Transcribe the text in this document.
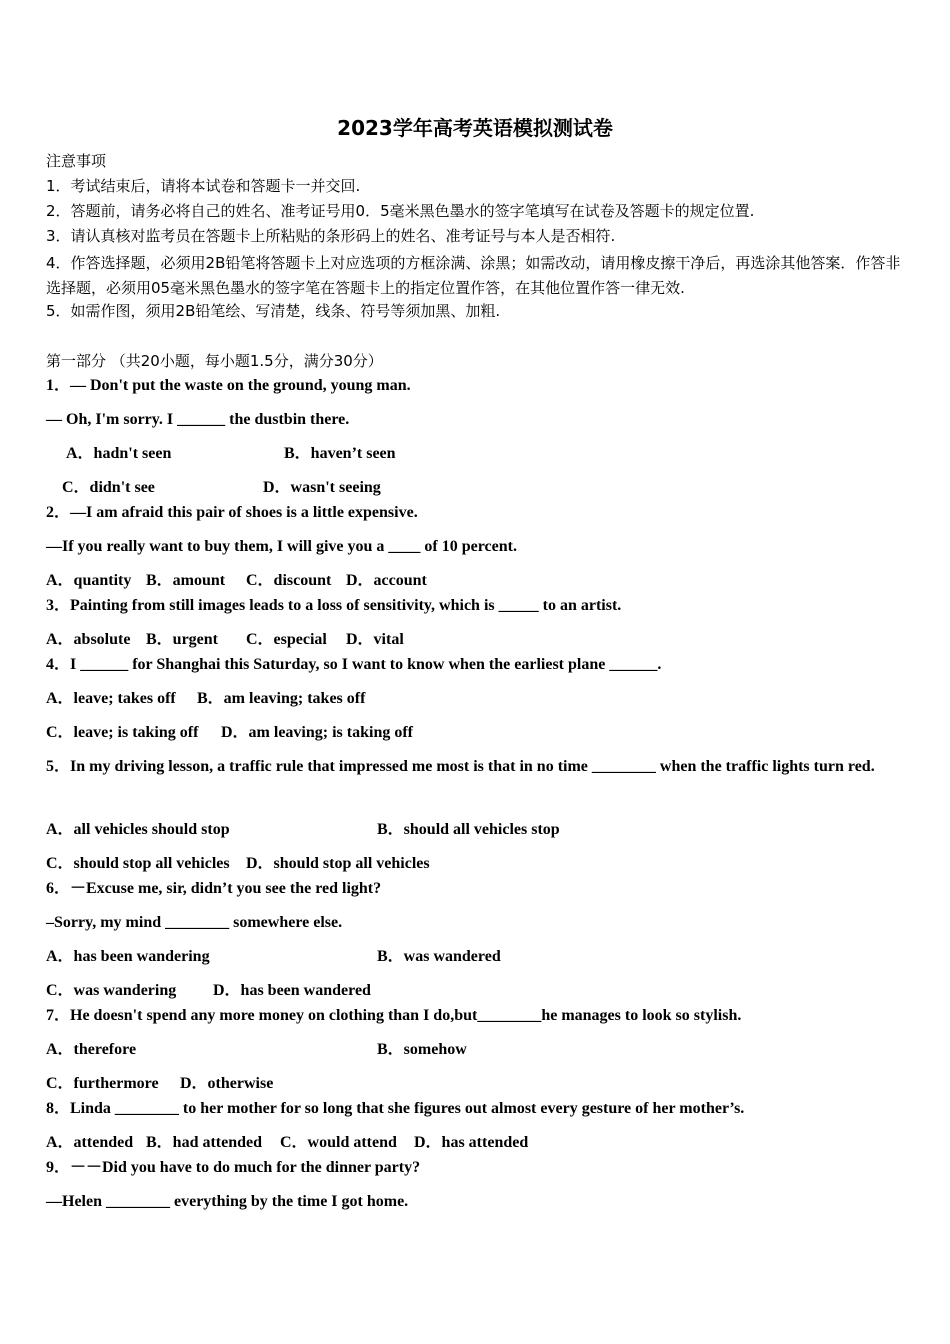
2023学年高考英语模拟测试卷
注意事项
1．考试结束后，请将本试卷和答题卡一并交回.
2．答题前，请务必将自己的姓名、准考证号用0．5毫米黑色墨水的签字笔填写在试卷及答题卡的规定位置.
3．请认真核对监考员在答题卡上所粘贴的条形码上的姓名、准考证号与本人是否相符.
4．作答选择题，必须用2B铅笔将答题卡上对应选项的方框涂满、涂黑；如需改动，请用橡皮擦干净后，再选涂其他答案．作答非选择题，必须用05毫米黑色墨水的签字笔在答题卡上的指定位置作答，在其他位置作答一律无效.
5．如需作图，须用2B铅笔绘、写清楚，线条、符号等须加黑、加粗.
第一部分 （共20小题，每小题1.5分，满分30分）
1．— Don't put the waste on the ground, young man.
— Oh, I'm sorry. I ______ the dustbin there.
A．hadn't seen	B．haven’t seen
C．didn't see	D．wasn't seeing
2．—I am afraid this pair of shoes is a little expensive.
—If you really want to buy them, I will give you a ____ of 10 percent.
A．quantity B．amount C．discount D．account
3．Painting from still images leads to a loss of sensitivity, which is _____ to an artist.
A．absolute B．urgent C．especial D．vital
4．I ______ for Shanghai this Saturday, so I want to know when the earliest plane ______.
A．leave; takes off B．am leaving; takes off
C．leave; is taking off D．am leaving; is taking off
5．In my driving lesson, a traffic rule that impressed me most is that in no time ________ when the traffic lights turn red.
A．all vehicles should stop	B．should all vehicles stop
C．should stop all vehicles D．should stop all vehicles
6．－Excuse me, sir, didn’t you see the red light?
–Sorry, my mind ________ somewhere else.
A．has been wandering	B．was wandered
C．was wandering D．has been wandered
7．He doesn't spend any more money on clothing than I do,but________he manages to look so stylish.
A．therefore	B．somehow
C．furthermore D．otherwise
8．Linda ________ to her mother for so long that she figures out almost every gesture of her mother’s.
A．attended B．had attended C．would attend D．has attended
9．－－Did you have to do much for the dinner party?
—Helen ________ everything by the time I got home.
